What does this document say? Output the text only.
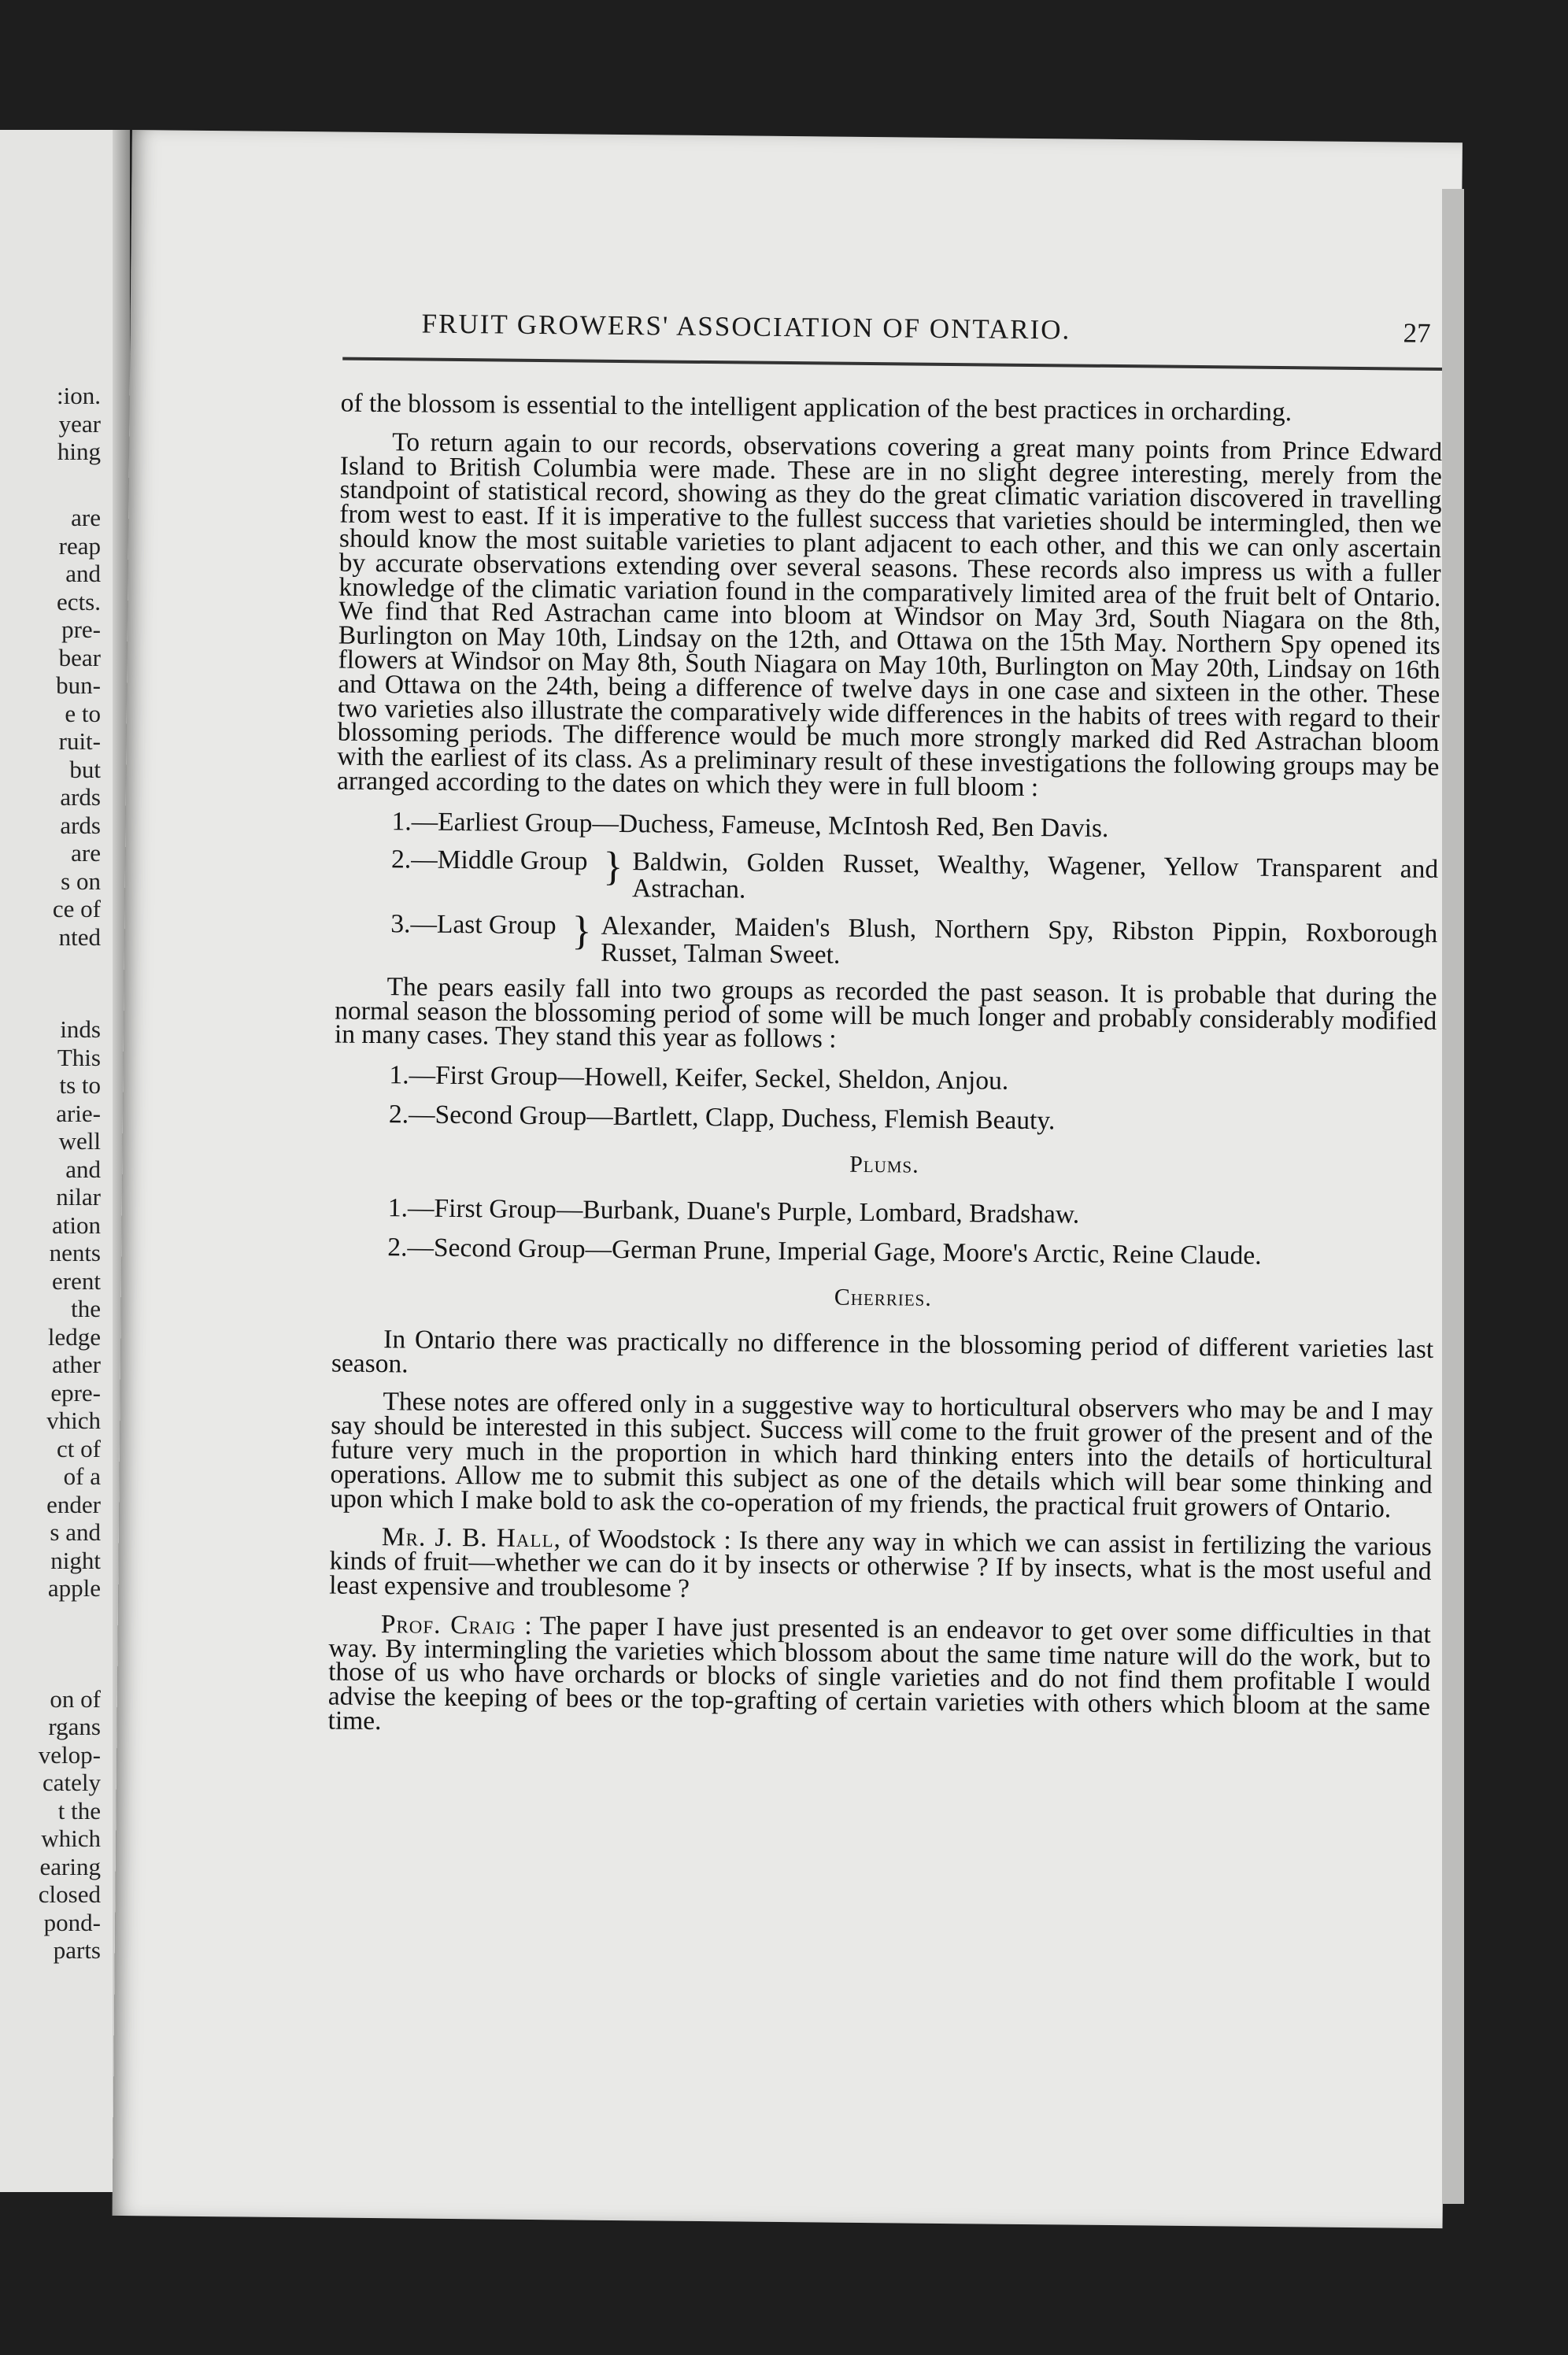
:ion.
year
hing
are
reap
and
ects.
pre-
bear
bun-
e to
ruit-
but
ards
ards
are
s on
ce of
nted
inds
This
ts to
arie-
well
and
nilar
ation
nents
erent
the
ledge
ather
epre-
vhich
ct of
of a
ender
s and
night
apple
on of
rgans
velop-
cately
t the
which
earing
closed
pond-
parts
FRUIT GROWERS' ASSOCIATION OF ONTARIO.	27

of the blossom is essential to the intelligent application of the best practices in orcharding.

To return again to our records, observations covering a great many points from Prince Edward Island to British Columbia were made. These are in no slight degree interesting, merely from the standpoint of statistical record, showing as they do the great climatic variation discovered in travelling from west to east. If it is imperative to the fullest success that varieties should be intermingled, then we should know the most suitable varieties to plant adjacent to each other, and this we can only ascertain by accurate observations extending over several seasons. These records also impress us with a fuller knowledge of the climatic variation found in the comparatively limited area of the fruit belt of Ontario. We find that Red Astrachan came into bloom at Windsor on May 3rd, South Niagara on the 8th, Burlington on May 10th, Lindsay on the 12th, and Ottawa on the 15th May. Northern Spy opened its flowers at Windsor on May 8th, South Niagara on May 10th, Burlington on May 20th, Lindsay on 16th and Ottawa on the 24th, being a difference of twelve days in one case and sixteen in the other. These two varieties also illustrate the comparatively wide differences in the habits of trees with regard to their blossoming periods. The difference would be much more strongly marked did Red Astrachan bloom with the earliest of its class. As a preliminary result of these investigations the following groups may be arranged according to the dates on which they were in full bloom :

1.— Earliest Group— Duchess, Fameuse, McIntosh Red, Ben Davis.
2.— Middle Group } Baldwin, Golden Russet, Wealthy, Wagener, Yellow Transparent and Astrachan.
3.— Last Group } Alexander, Maiden's Blush, Northern Spy, Ribston Pippin, Roxborough Russet, Talman Sweet.

The pears easily fall into two groups as recorded the past season. It is probable that during the normal season the blossoming period of some will be much longer and probably considerably modified in many cases. They stand this year as follows :

1.—First Group—Howell, Keifer, Seckel, Sheldon, Anjou.
2.—Second Group—Bartlett, Clapp, Duchess, Flemish Beauty.
Plums.
1.—First Group—Burbank, Duane's Purple, Lombard, Bradshaw.
2.—Second Group—German Prune, Imperial Gage, Moore's Arctic, Reine Claude.
Cherries.

In Ontario there was practically no difference in the blossoming period of different varieties last season.

These notes are offered only in a suggestive way to horticultural observers who may be and I may say should be interested in this subject. Success will come to the fruit grower of the present and of the future very much in the proportion in which hard thinking enters into the details of horticultural operations. Allow me to submit this subject as one of the details which will bear some thinking and upon which I make bold to ask the co-operation of my friends, the practical fruit growers of Ontario.

Mr. J. B. Hall, of Woodstock : Is there any way in which we can assist in fertilizing the various kinds of fruit—whether we can do it by insects or otherwise ? If by insects, what is the most useful and least expensive and troublesome ?

Prof. Craig : The paper I have just presented is an endeavor to get over some difficulties in that way. By intermingling the varieties which blossom about the same time nature will do the work, but to those of us who have orchards or blocks of single varieties and do not find them profitable I would advise the keeping of bees or the top-grafting of certain varieties with others which bloom at the same time.
